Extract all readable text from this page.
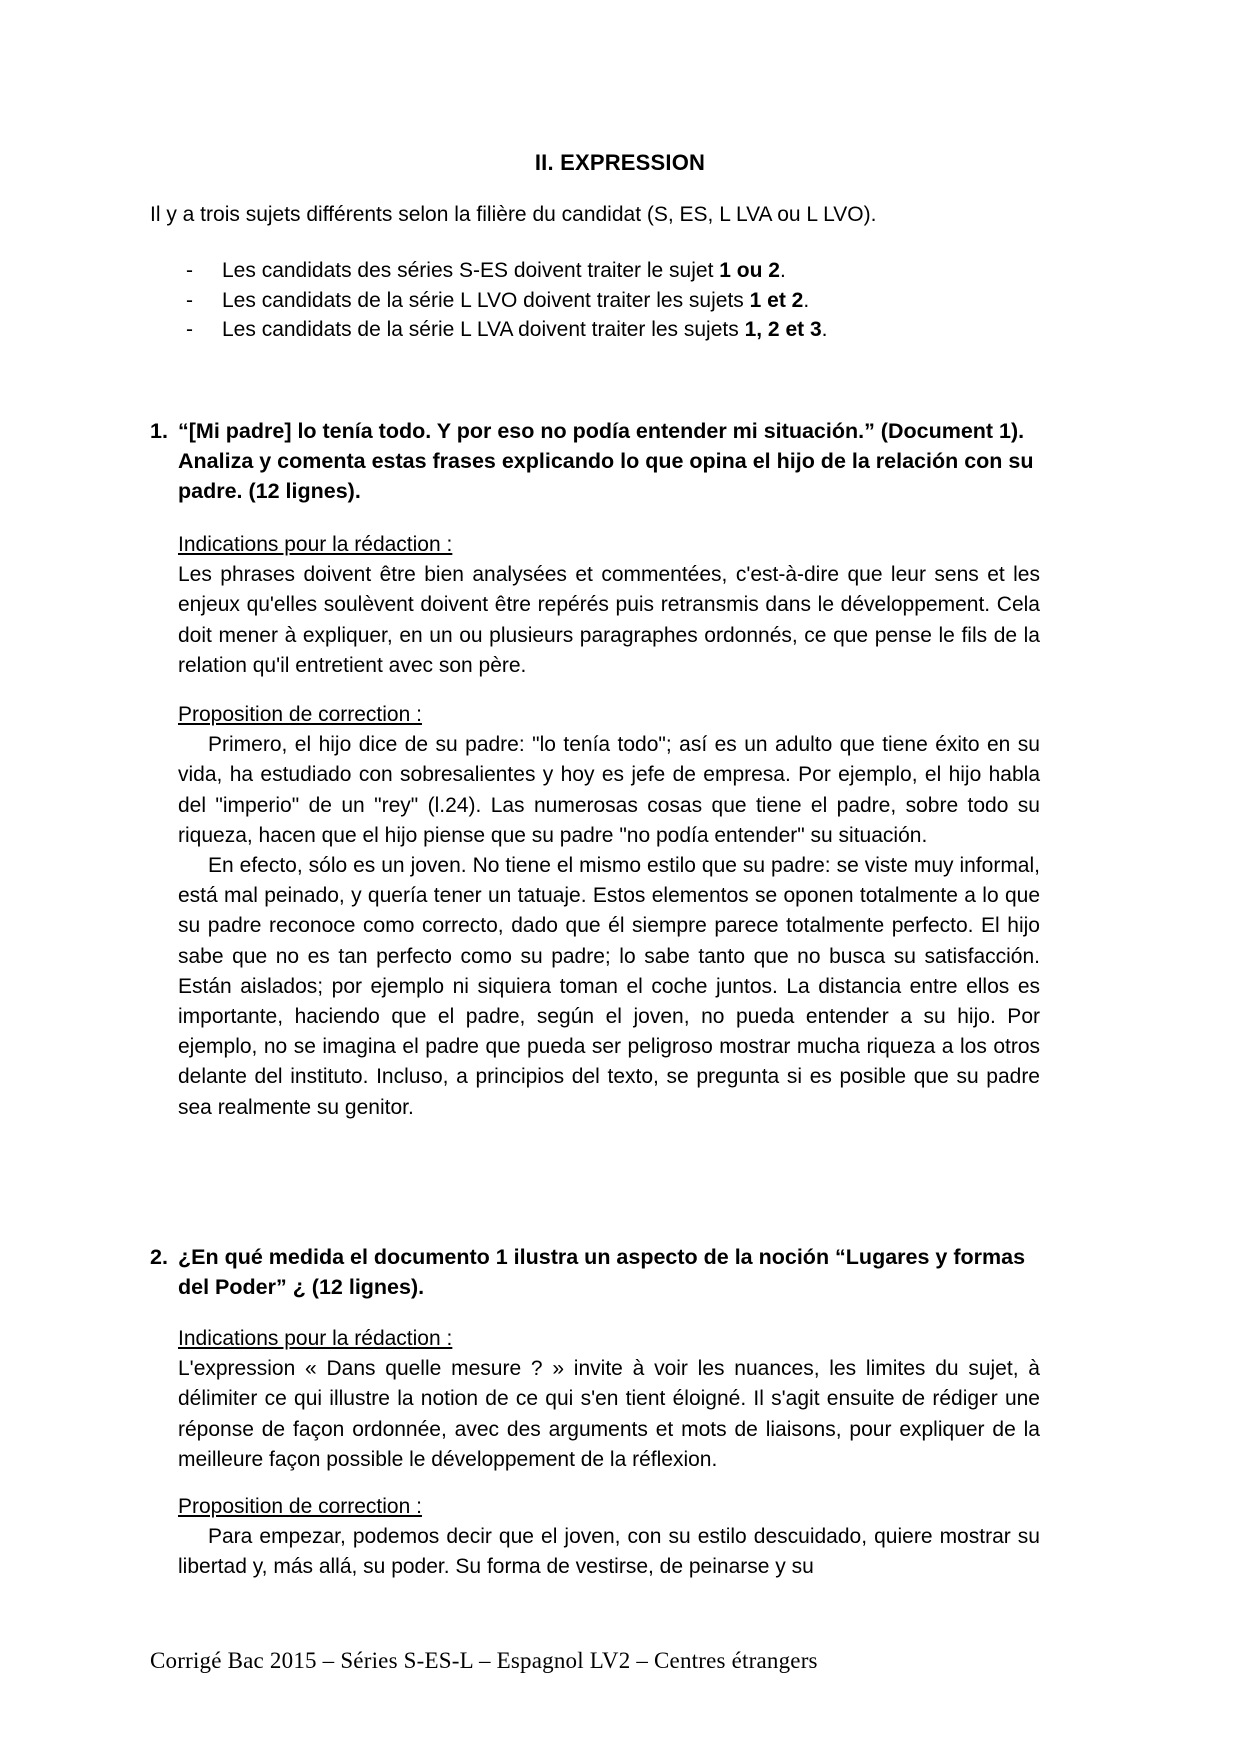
II. EXPRESSION
Il y a trois sujets différents selon la filière du candidat (S, ES, L LVA ou L LVO).
- Les candidats des séries S-ES doivent traiter le sujet 1 ou 2.
- Les candidats de la série L LVO doivent traiter les sujets 1 et 2.
- Les candidats de la série L LVA doivent traiter les sujets 1, 2 et 3.
1. “[Mi padre] lo tenía todo. Y por eso no podía entender mi situación.” (Document 1). Analiza y comenta estas frases explicando lo que opina el hijo de la relación con su padre. (12 lignes).
Indications pour la rédaction :
Les phrases doivent être bien analysées et commentées, c'est-à-dire que leur sens et les enjeux qu'elles soulèvent doivent être repérés puis retransmis dans le développement. Cela doit mener à expliquer, en un ou plusieurs paragraphes ordonnés, ce que pense le fils de la relation qu'il entretient avec son père.
Proposition de correction :

Primero, el hijo dice de su padre: "lo tenía todo"; así es un adulto que tiene éxito en su vida, ha estudiado con sobresalientes y hoy es jefe de empresa. Por ejemplo, el hijo habla del "imperio" de un "rey" (l.24). Las numerosas cosas que tiene el padre, sobre todo su riqueza, hacen que el hijo piense que su padre "no podía entender" su situación.

En efecto, sólo es un joven. No tiene el mismo estilo que su padre: se viste muy informal, está mal peinado, y quería tener un tatuaje. Estos elementos se oponen totalmente a lo que su padre reconoce como correcto, dado que él siempre parece totalmente perfecto. El hijo sabe que no es tan perfecto como su padre; lo sabe tanto que no busca su satisfacción. Están aislados; por ejemplo ni siquiera toman el coche juntos. La distancia entre ellos es importante, haciendo que el padre, según el joven, no pueda entender a su hijo. Por ejemplo, no se imagina el padre que pueda ser peligroso mostrar mucha riqueza a los otros delante del instituto. Incluso, a principios del texto, se pregunta si es posible que su padre sea realmente su genitor.

2. ¿En qué medida el documento 1 ilustra un aspecto de la noción “Lugares y formas del Poder” ¿ (12 lignes).
Indications pour la rédaction :
L'expression « Dans quelle mesure ? » invite à voir les nuances, les limites du sujet, à délimiter ce qui illustre la notion de ce qui s'en tient éloigné. Il s'agit ensuite de rédiger une réponse de façon ordonnée, avec des arguments et mots de liaisons, pour expliquer de la meilleure façon possible le développement de la réflexion.
Proposition de correction :

Para empezar, podemos decir que el joven, con su estilo descuidado, quiere mostrar su libertad y, más allá, su poder. Su forma de vestirse, de peinarse y su

Corrigé Bac 2015 – Séries S-ES-L – Espagnol LV2 – Centres étrangers
